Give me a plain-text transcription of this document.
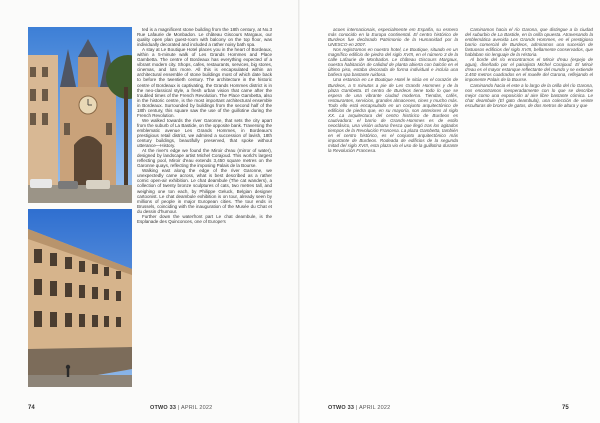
ted is a magnificent stone building from the 18th century, at No.3 Rue Lafaurie de Monbadon. Le château Giscours Margaux, our quality open plan guest-room with balcony on the top floor, was individually decorated and included a rather noisy bath spa.

A stay at Le Boutique Hotel places you in the heart of Bordeaux, within a 5-minute walk of Les Grands Hommes and Place Gambetta. The centre of Bordeaux has everything expected of a vibrant modern city. Shops, cafes, restaurants, services, big stores, cinemas, and lots more. All this is encapsulated within an architectural ensemble of stone buildings most of which date back to before the twentieth century. The architecture in the historic centre of Bordeaux is captivating, the Grands Hommes district is in the neo-classical style, a fresh urban vision that came after the troubled times of the French Revolution. The Place Gambetta, also in the historic centre, is the most important architectural ensemble in Bordeaux. Surrounded by buildings from the second half of the 18th century, this square saw the use of the guillotine during the French Revolution.

We walked towards the river Garonne, that sets the city apart from the suburb of La Bastide, on the opposite bank. Traversing the emblematic avenue Les Grands Hommes, in Bordeaux's prestigious retail district, we admired a succession of lavish, 18th century buildings, beautifully preserved, that spoke without utterance—History.

At the river's edge we found the Miroir d'eau (mirror of water), designed by landscape artist Michel Corajoud. This world's largest reflecting pool, Miroir d'eau extends 3,450 square metres on the Garonne quays, reflecting the imposing Palais de la Bourse.

Walking east along the edge of the river Garonne, we unexpectedly came across, what is best described as a rather comic open-air exhibition. Le chat deambule (The cat wanders), a collection of twenty bronze sculptures of cats, two metres tall, and weighing one ton each, by Philippe Geluck, Belgian designer cartoonist. Le chat deambule exhibition is on tour, already seen by millions of people in major European cities. The tour ends in Brussels, coinciding with the inauguration of the Musée du Chat et du dessin d'humour.

Further down the waterfront part Le chat deambule, is the Esplanade des Quinconces, one of Europe's

74	OTWO 33 | APRIL 2022

acoes internacionais, especialmente em España, su esmero más conocido en la Europa continental. El centro histórico de Burdeos fue declarado Patrimonio de la Humanidad por la UNESCO en 2007.

Nos registramos en nuestro hotel, Le Boutique, situado en un magnífico edificio de piedra del siglo XVIII, en el número 3 de la calle Lafaurie de Monbadon. Le château Giscours Margaux, nuestra habitación de calidad de planta abierta con balcón en el último piso, estaba decorada de forma individual e incluía una bañera spa bastante ruidosa.

Una estancia en Le Boutique Hotel le sitúa en el corazón de Burdeos, a 5 minutos a pie de Les Grands Hommes y de la plaza Gambetta. El centro de Burdeos tiene todo lo que se espera de una vibrante ciudad moderna. Tiendas, cafés, restaurantes, servicios, grandes almacenes, cines y mucho más. Todo ello está encapsulado en un conjunto arquitectónico de edificios de piedra que, en su mayoría, son anteriores al siglo XX. La arquitectura del centro histórico de Burdeos es cautivadora: el barrio de Grands-Hommes es de estilo neoclásico, una visión urbana fresca que llegó tras los agitados tiempos de la Revolución Francesa. La plaza Gambetta, también en el centro histórico, es el conjunto arquitectónico más importante de Burdeos. Rodeada de edificios de la segunda mitad del siglo XVIII, esta plaza vio el uso de la guillotina durante la Revolución Francesa.

Caminamos hacia el río Garona, que distingue a la ciudad del suburbio de La Bastide, en la orilla opuesta. Atravesando la emblemática avenida Les Grands Hommes, en el prestigioso barrio comercial de Burdeos, admiramos una sucesión de fastuosos edificios del siglo XVIII, bellamente conservados, que hablaban sin lenguaje de la Historia.

Al borde del río encontramos el Miroir d'eau (espejo de agua), diseñado por el paisajista Michel Corajoud. El Miroir d'eau es el mayor estanque reflectante del mundo y se extiende 3.450 metros cuadrados en el muelle del Garona, reflejando el imponente Palais de la Bourse.

Caminando hacia el este a lo largo de la orilla del río Garona, nos encontramos inesperadamente con lo que se describe mejor como una exposición al aire libre bastante cómica. Le chat deambule (El gato deambula), una colección de veinte esculturas de bronce de gatos, de dos metros de altura y que

OTWO 33 | APRIL 2022	75
